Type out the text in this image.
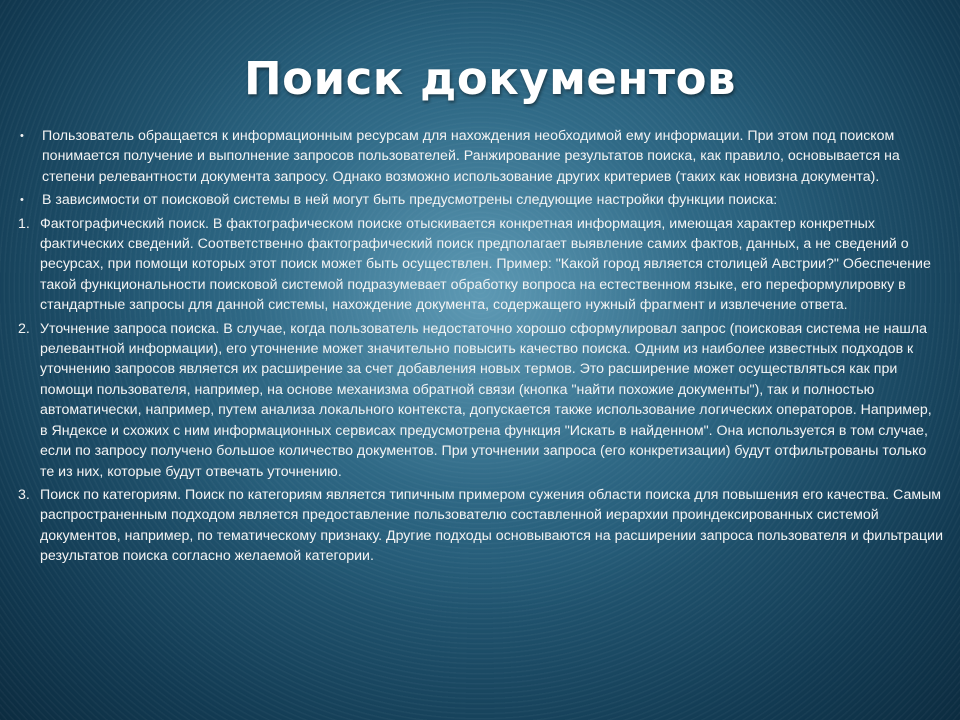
Поиск документов
•	Пользователь обращается к информационным ресурсам для нахождения необходимой ему информации. При этом под поиском понимается получение и выполнение запросов пользователей. Ранжирование результатов поиска, как правило, основывается на степени релевантности документа запросу. Однако возможно использование других критериев (таких как новизна документа).
•	В зависимости от поисковой системы в ней могут быть предусмотрены следующие настройки функции поиска:
1. Фактографический поиск. В фактографическом поиске отыскивается конкретная информация, имеющая характер конкретных фактических сведений. Соответственно фактографический поиск предполагает выявление самих фактов, данных, а не сведений о ресурсах, при помощи которых этот поиск может быть осуществлен. Пример: "Какой город является столицей Австрии?" Обеспечение такой функциональности поисковой системой подразумевает обработку вопроса на естественном языке, его переформулировку в стандартные запросы для данной системы, нахождение документа, содержащего нужный фрагмент и извлечение ответа.
2. Уточнение запроса поиска. В случае, когда пользователь недостаточно хорошо сформулировал запрос (поисковая система не нашла релевантной информации), его уточнение может значительно повысить качество поиска. Одним из наиболее известных подходов к уточнению запросов является их расширение за счет добавления новых термов. Это расширение может осуществляться как при помощи пользователя, например, на основе механизма обратной связи (кнопка "найти похожие документы"), так и полностью автоматически, например, путем анализа локального контекста, допускается также использование логических операторов. Например, в Яндексе и схожих с ним информационных сервисах предусмотрена функция "Искать в найденном". Она используется в том случае, если по запросу получено большое количество документов. При уточнении запроса (его конкретизации) будут отфильтрованы только те из них, которые будут отвечать уточнению.
3. Поиск по категориям. Поиск по категориям является типичным примером сужения области поиска для повышения его качества. Самым распространенным подходом является предоставление пользователю составленной иерархии проиндексированных системой документов, например, по тематическому признаку. Другие подходы основываются на расширении запроса пользователя и фильтрации результатов поиска согласно желаемой категории.
